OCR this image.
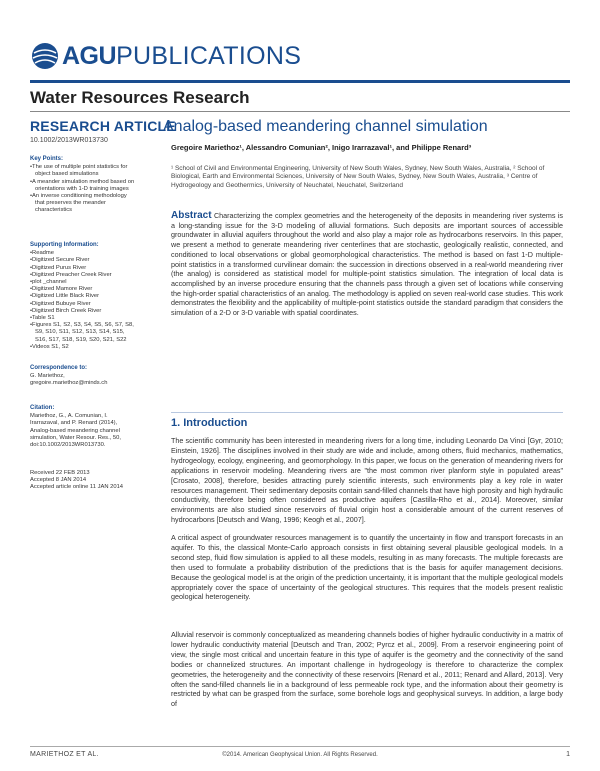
AGU PUBLICATIONS
Water Resources Research
RESEARCH ARTICLE
10.1002/2013WR013730
Analog-based meandering channel simulation
Gregoire Mariethoz¹, Alessandro Comunian², Inigo Irarrazaval¹, and Philippe Renard³
¹ School of Civil and Environmental Engineering, University of New South Wales, Sydney, New South Wales, Australia, ² School of Biological, Earth and Environmental Sciences, University of New South Wales, Sydney, New South Wales, Australia, ³ Centre of Hydrogeology and Geothermics, University of Neuchatel, Neuchatel, Switzerland
Key Points:
• The use of multiple point statistics for object based simulations
• A meander simulation method based on orientations with 1-D training images
• An inverse conditioning methodology that preserves the meander characteristics
Supporting Information:
• Readme
• Digitized Secure River
• Digitized Purus River
• Digitized Preacher Creek River
• plot _channel
• Digitized Mamore River
• Digitized Little Black River
• Digitized Bubuye River
• Digitized Birch Creek River
• Table S1
• Figures S1, S2, S3, S4, S5, S6, S7, S8, S9, S10, S11, S12, S13, S14, S15, S16, S17, S18, S19, S20, S21, S22
• Videos S1, S2
Correspondence to:
G. Mariethoz,
gregoire.mariethoz@minds.ch
Citation:
Mariethoz, G., A. Comunian, I. Irarrazaval, and P. Renard (2014), Analog-based meandering channel simulation, Water Resour. Res., 50, doi:10.1002/2013WR013730.
Received 22 FEB 2013
Accepted 8 JAN 2014
Accepted article online 11 JAN 2014
Abstract Characterizing the complex geometries and the heterogeneity of the deposits in meandering river systems is a long-standing issue for the 3-D modeling of alluvial formations. Such deposits are important sources of accessible groundwater in alluvial aquifers throughout the world and also play a major role as hydrocarbons reservoirs. In this paper, we present a method to generate meandering river centerlines that are stochastic, geologically realistic, connected, and conditioned to local observations or global geomorphological characteristics. The method is based on fast 1-D multiple-point statistics in a transformed curvilinear domain: the succession in directions observed in a real-world meandering river (the analog) is considered as statistical model for multiple-point statistics simulation. The integration of local data is accomplished by an inverse procedure ensuring that the channels pass through a given set of locations while conserving the high-order spatial characteristics of an analog. The methodology is applied on seven real-world case studies. This work demonstrates the flexibility and the applicability of multiple-point statistics outside the standard paradigm that considers the simulation of a 2-D or 3-D variable with spatial coordinates.
1. Introduction
The scientific community has been interested in meandering rivers for a long time, including Leonardo Da Vinci [Gyr, 2010; Einstein, 1926]. The disciplines involved in their study are wide and include, among others, fluid mechanics, mathematics, hydrogeology, ecology, engineering, and geomorphology. In this paper, we focus on the generation of meandering rivers for applications in reservoir modeling. Meandering rivers are "the most common river planform style in populated areas" [Crosato, 2008], therefore, besides attracting purely scientific interests, such environments play a key role in water resources management. Their sedimentary deposits contain sand-filled channels that have high porosity and high hydraulic conductivity, therefore being often considered as productive aquifers [Castilla-Rho et al., 2014]. Moreover, similar environments are also studied since reservoirs of fluvial origin host a considerable amount of the current reserves of hydrocarbons [Deutsch and Wang, 1996; Keogh et al., 2007].
A critical aspect of groundwater resources management is to quantify the uncertainty in flow and transport forecasts in an aquifer. To this, the classical Monte-Carlo approach consists in first obtaining several plausible geological models. In a second step, fluid flow simulation is applied to all these models, resulting in as many forecasts. The multiple forecasts are then used to formulate a probability distribution of the predictions that is the basis for aquifer management decisions. Because the geological model is at the origin of the prediction uncertainty, it is important that the multiple geological models appropriately cover the space of uncertainty of the geological structures. This requires that the models present realistic geological heterogeneity.
Alluvial reservoir is commonly conceptualized as meandering channels bodies of higher hydraulic conductivity in a matrix of lower hydraulic conductivity material [Deutsch and Tran, 2002; Pyrcz et al., 2009]. From a reservoir engineering point of view, the single most critical and uncertain feature in this type of aquifer is the geometry and the connectivity of the sand bodies or channelized structures. An important challenge in hydrogeology is therefore to characterize the complex geometries, the heterogeneity and the connectivity of these reservoirs [Renard et al., 2011; Renard and Allard, 2013]. Very often the sand-filled channels lie in a background of less permeable rock type, and the information about their geometry is restricted by what can be grasped from the surface, some borehole logs and geophysical surveys. In addition, a large body of
MARIETHOZ ET AL.	©2014. American Geophysical Union. All Rights Reserved.	1
